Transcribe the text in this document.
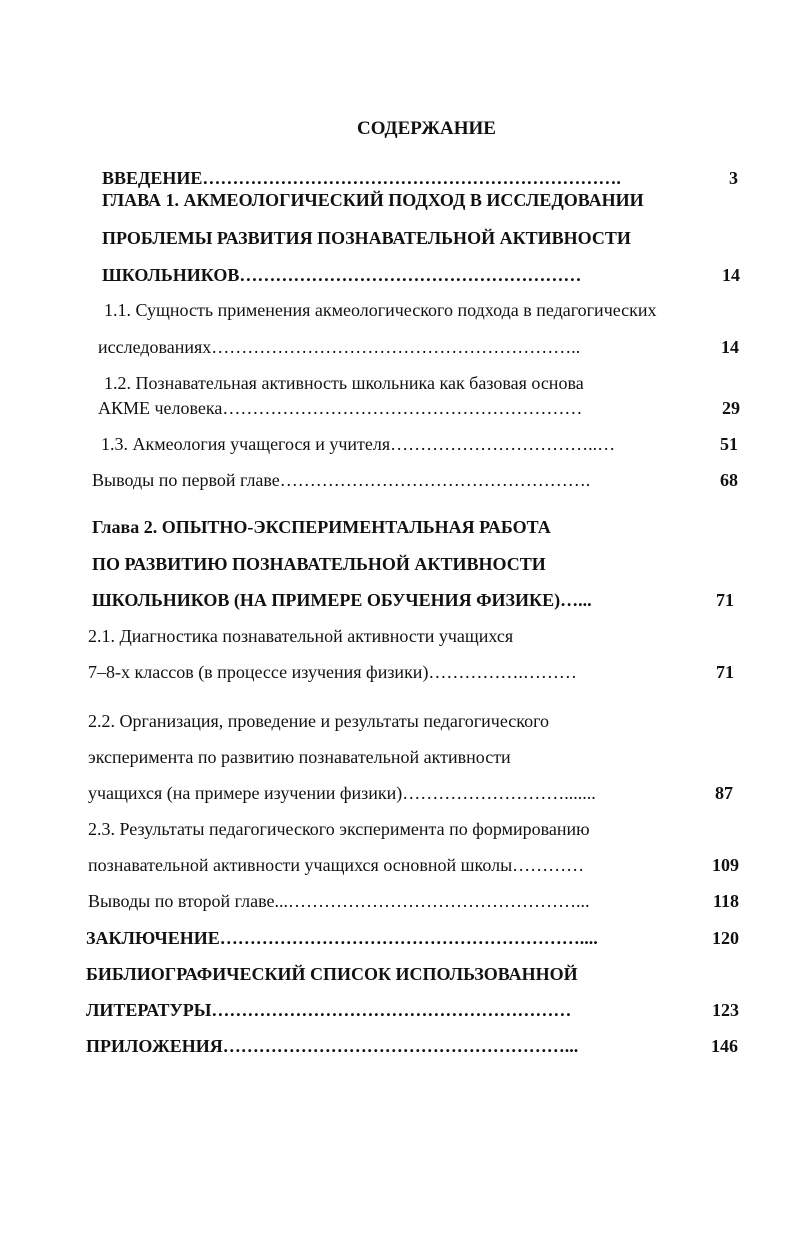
СОДЕРЖАНИЕ
ВВЕДЕНИЕ…………………………………………………………….	3
ГЛАВА 1. АКМЕОЛОГИЧЕСКИЙ ПОДХОД В ИССЛЕДОВАНИИ
ПРОБЛЕМЫ РАЗВИТИЯ ПОЗНАВАТЕЛЬНОЙ АКТИВНОСТИ
ШКОЛЬНИКОВ…………………………………………………	14
1.1. Сущность применения акмеологического подхода в педагогических
исследованиях……………………………………………………..	14
1.2. Познавательная активность школьника как базовая основа
АКМЕ человека……………………………………………………	29
1.3. Акмеология учащегося и учителя……………………………..…	51
Выводы по первой главе…………………………………………….	68
Глава 2. ОПЫТНО-ЭКСПЕРИМЕНТАЛЬНАЯ РАБОТА
ПО РАЗВИТИЮ ПОЗНАВАТЕЛЬНОЙ АКТИВНОСТИ
ШКОЛЬНИКОВ (НА ПРИМЕРЕ ОБУЧЕНИЯ ФИЗИКЕ)…...	71
2.1. Диагностика познавательной активности учащихся
7–8-х классов (в процессе изучения физики)…………….………	71
2.2. Организация, проведение и результаты педагогического
эксперимента по развитию познавательной активности
учащихся (на примере изучении физики)……………………….......	87
2.3. Результаты педагогического эксперимента по формированию
познавательной активности учащихся основной школы…………	109
Выводы по второй главе...…………………………………………...	118
ЗАКЛЮЧЕНИЕ……………………………………………………....	120
БИБЛИОГРАФИЧЕСКИЙ СПИСОК ИСПОЛЬЗОВАННОЙ
ЛИТЕРАТУРЫ……………………………………………………	123
ПРИЛОЖЕНИЯ…………………………………………………...	146
